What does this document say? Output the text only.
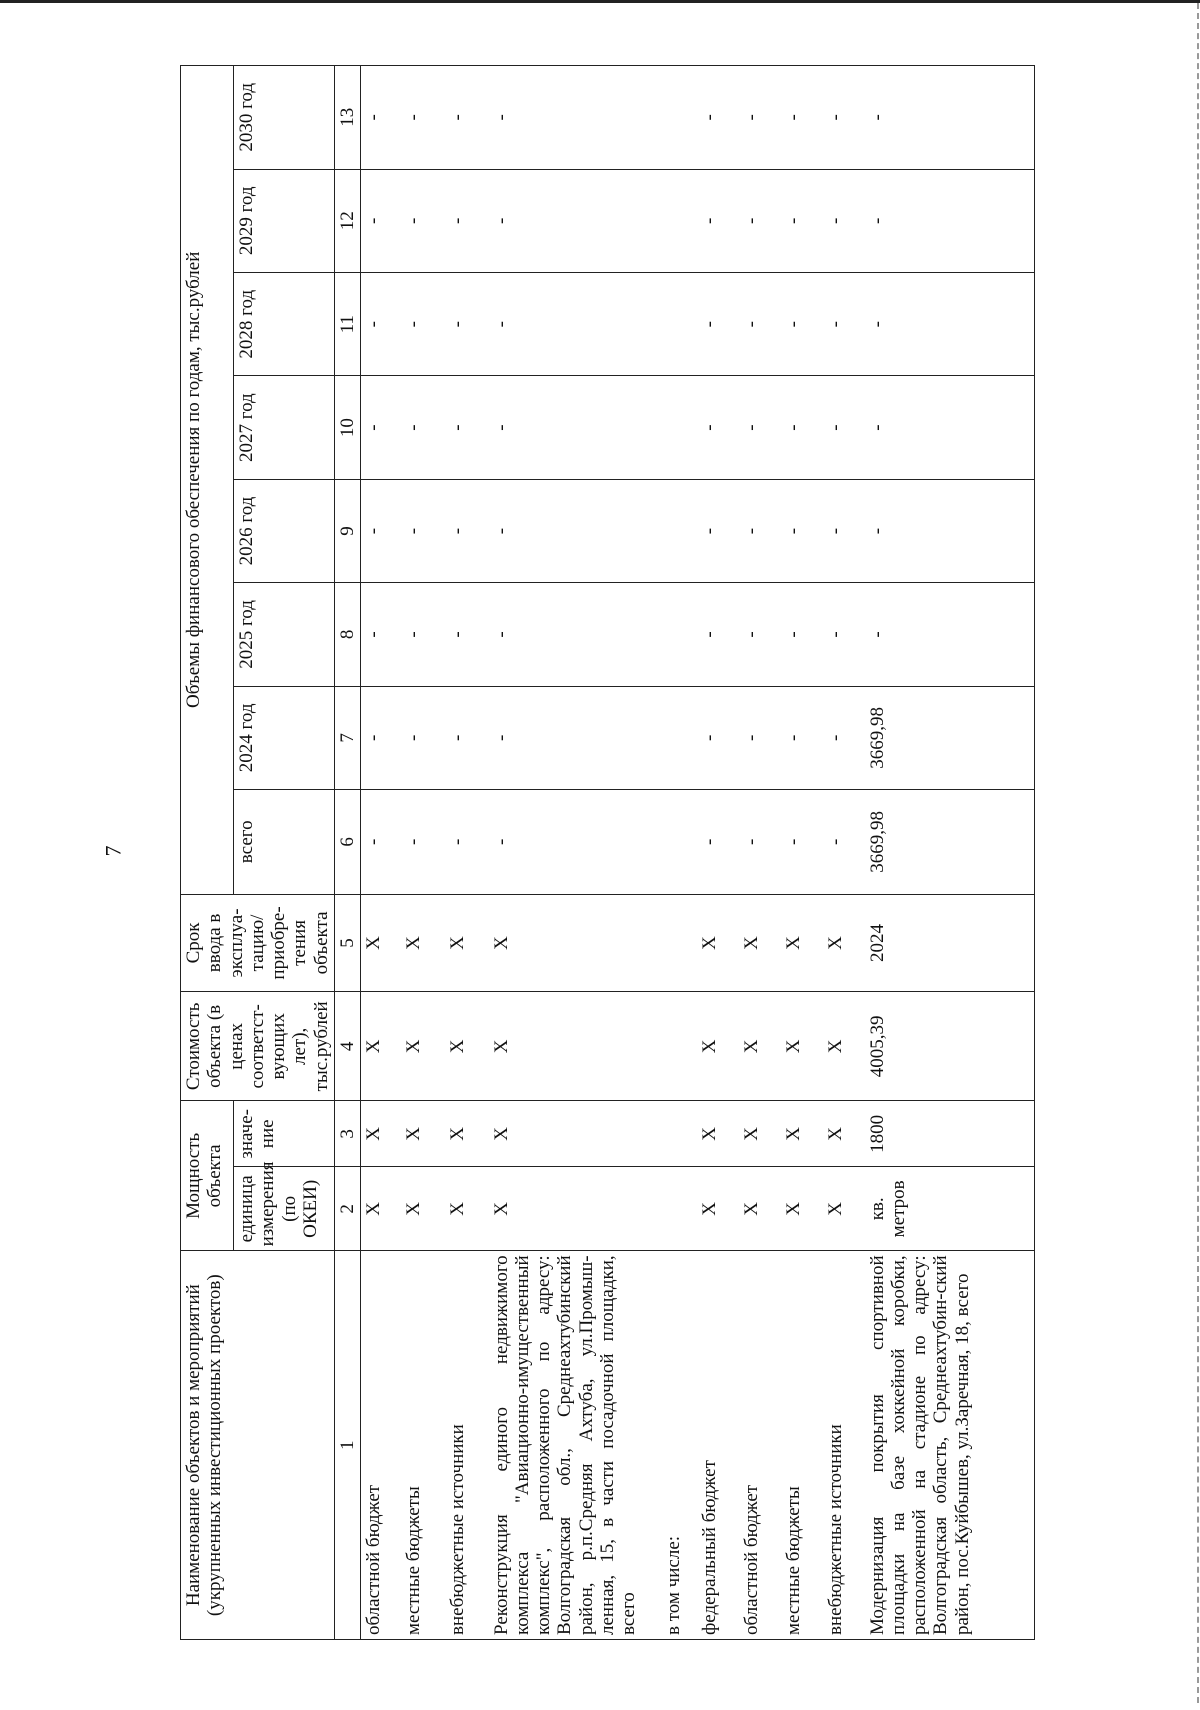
7
Наименование объектов и мероприятий (укрупненных инвестиционных проектов)	Мощность объекта		Стоимость объекта (в ценах соответст-вующих лет), тыс.рублей	Срок ввода в эксплуа-тацию/ приобре-тения объекта	Объемы финансового обеспечения по годам, тыс.рублей							
	единица измерения (по ОКЕИ)	значе-ние			всего	2024 год	2025 год	2026 год	2027 год	2028 год	2029 год	2030 год
1	2	3	4	5	6	7	8	9	10	11	12	13
областной бюджет	Х	Х	Х	Х	-	-	-	-	-	-	-	-
местные бюджеты	Х	Х	Х	Х	-	-	-	-	-	-	-	-
внебюджетные источники	Х	Х	Х	Х	-	-	-	-	-	-	-	-
Реконструкция единого недвижимого комплекса "Авиационно-имущественный комплекс", расположенного по адресу: Волгоградская обл., Среднеахтубинский район, р.п.Средняя Ахтуба, ул.Промыш-ленная, 15, в части посадочной площадки, всего	Х	Х	Х	Х	-	-	-	-	-	-	-	-
в том числе:												
федеральный бюджет	Х	Х	Х	Х	-	-	-	-	-	-	-	-
областной бюджет	Х	Х	Х	Х	-	-	-	-	-	-	-	-
местные бюджеты	Х	Х	Х	Х	-	-	-	-	-	-	-	-
внебюджетные источники	Х	Х	Х	Х	-	-	-	-	-	-	-	-
Модернизация покрытия спортивной площадки на базе хоккейной коробки, расположенной на стадионе по адресу: Волгоградская область, Среднеахтубин-ский район, пос.Куйбышев, ул.Заречная, 18, всего	кв. метров	1800	4005,39	2024	3669,98	3669,98	-	-	-	-	-	-
